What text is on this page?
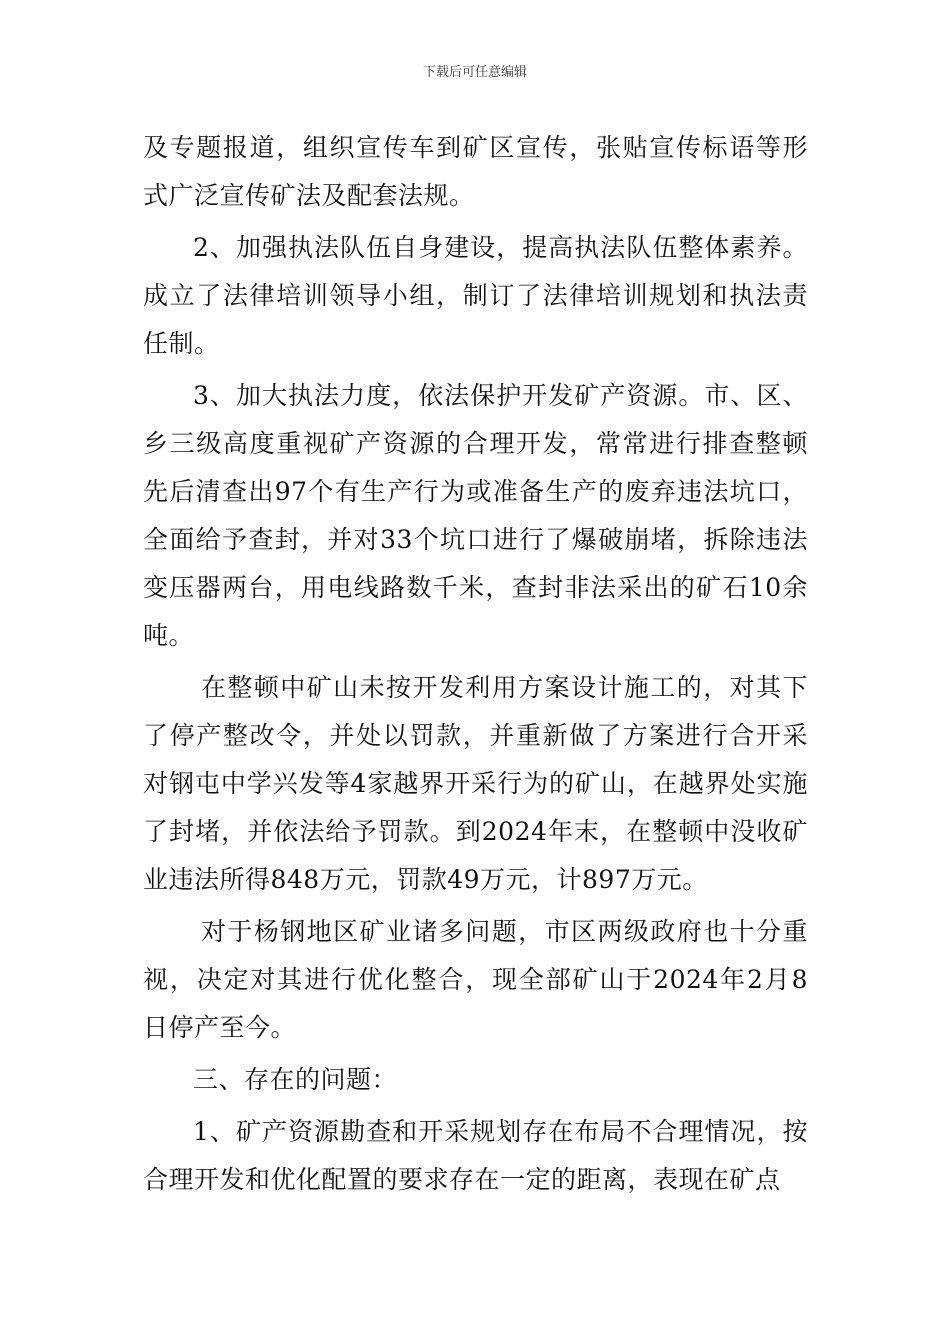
下载后可任意编辑
及专题报道，组织宣传车到矿区宣传，张贴宣传标语等形
式广泛宣传矿法及配套法规。
2、加强执法队伍自身建设，提高执法队伍整体素养。
成立了法律培训领导小组，制订了法律培训规划和执法责
任制。
3、加大执法力度，依法保护开发矿产资源。市、区、
乡三级高度重视矿产资源的合理开发，常常进行排查整顿
先后清查出97个有生产行为或准备生产的废弃违法坑口，
全面给予查封，并对33个坑口进行了爆破崩堵，拆除违法
变压器两台，用电线路数千米，查封非法采出的矿石10余
吨。
在整顿中矿山未按开发利用方案设计施工的，对其下
了停产整改令，并处以罚款，并重新做了方案进行合开采
对钢屯中学兴发等4家越界开采行为的矿山，在越界处实施
了封堵，并依法给予罚款。到2024年末，在整顿中没收矿
业违法所得848万元，罚款49万元，计897万元。
对于杨钢地区矿业诸多问题，市区两级政府也十分重
视，决定对其进行优化整合，现全部矿山于2024年2月8
日停产至今。
三、存在的问题：
1、矿产资源勘查和开采规划存在布局不合理情况，按
合理开发和优化配置的要求存在一定的距离，表现在矿点
